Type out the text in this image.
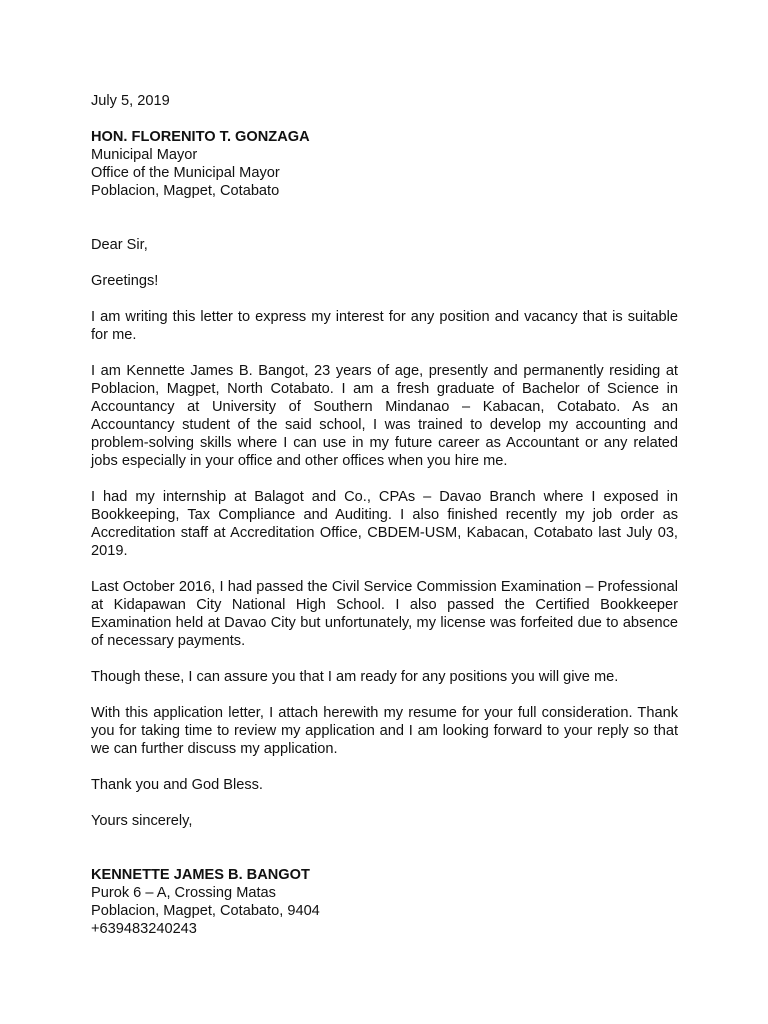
July 5, 2019
HON. FLORENITO T. GONZAGA
Municipal Mayor
Office of the Municipal Mayor
Poblacion, Magpet, Cotabato
Dear Sir,
Greetings!

I am writing this letter to express my interest for any position and vacancy that is suitable for me.

I am Kennette James B. Bangot, 23 years of age, presently and permanently residing at Poblacion, Magpet, North Cotabato. I am a fresh graduate of Bachelor of Science in Accountancy at University of Southern Mindanao – Kabacan, Cotabato. As an Accountancy student of the said school, I was trained to develop my accounting and problem-solving skills where I can use in my future career as Accountant or any related jobs especially in your office and other offices when you hire me.

I had my internship at Balagot and Co., CPAs – Davao Branch where I exposed in Bookkeeping, Tax Compliance and Auditing. I also finished recently my job order as Accreditation staff at Accreditation Office, CBDEM-USM, Kabacan, Cotabato last July 03, 2019.

Last October 2016, I had passed the Civil Service Commission Examination – Professional at Kidapawan City National High School. I also passed the Certified Bookkeeper Examination held at Davao City but unfortunately, my license was forfeited due to absence of necessary payments.

Though these, I can assure you that I am ready for any positions you will give me.

With this application letter, I attach herewith my resume for your full consideration. Thank you for taking time to review my application and I am looking forward to your reply so that we can further discuss my application.

Thank you and God Bless.

Yours sincerely,
KENNETTE JAMES B. BANGOT
Purok 6 – A, Crossing Matas
Poblacion, Magpet, Cotabato, 9404
+639483240243
